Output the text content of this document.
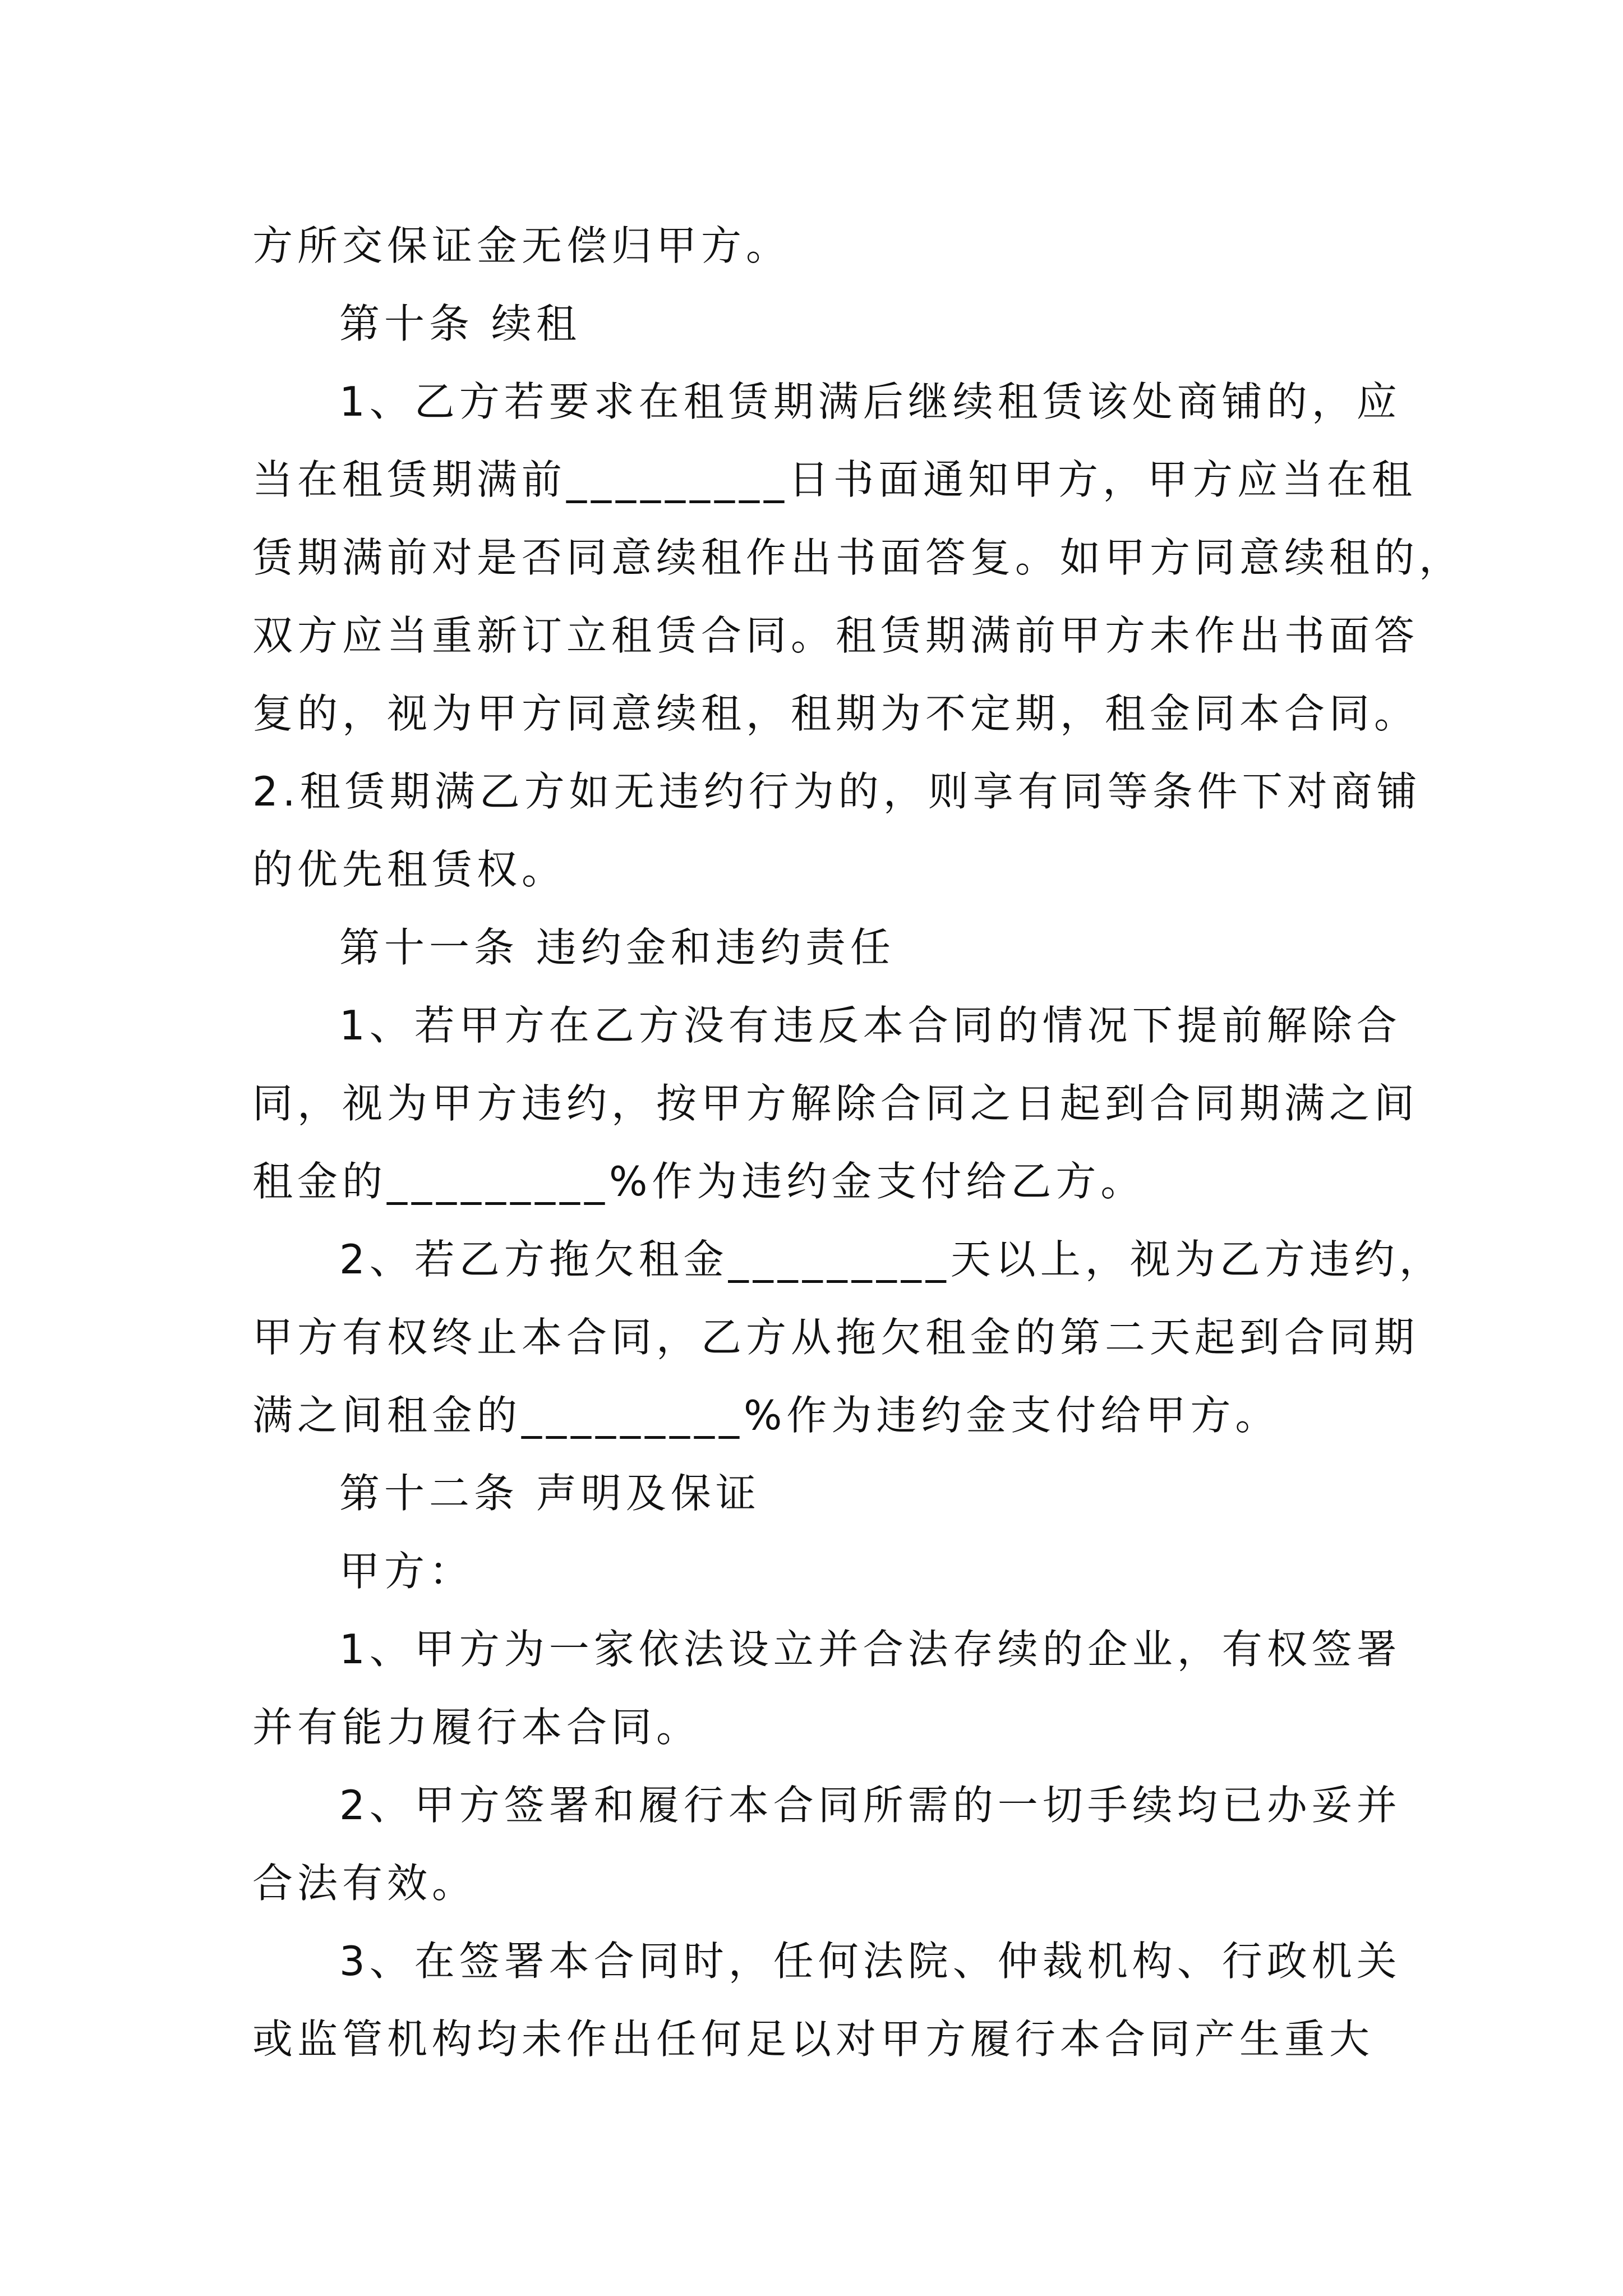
方所交保证金无偿归甲方。
第十条 续租
1、乙方若要求在租赁期满后继续租赁该处商铺的，应
当在租赁期满前_________日书面通知甲方，甲方应当在租
赁期满前对是否同意续租作出书面答复。如甲方同意续租的，
双方应当重新订立租赁合同。租赁期满前甲方未作出书面答
复的，视为甲方同意续租，租期为不定期，租金同本合同。
2.租赁期满乙方如无违约行为的，则享有同等条件下对商铺
的优先租赁权。
第十一条 违约金和违约责任
1、若甲方在乙方没有违反本合同的情况下提前解除合
同，视为甲方违约，按甲方解除合同之日起到合同期满之间
租金的_________%作为违约金支付给乙方。
2、若乙方拖欠租金_________天以上，视为乙方违约，
甲方有权终止本合同，乙方从拖欠租金的第二天起到合同期
满之间租金的_________%作为违约金支付给甲方。
第十二条 声明及保证
甲方：
1、甲方为一家依法设立并合法存续的企业，有权签署
并有能力履行本合同。
2、甲方签署和履行本合同所需的一切手续均已办妥并
合法有效。
3、在签署本合同时，任何法院、仲裁机构、行政机关
或监管机构均未作出任何足以对甲方履行本合同产生重大
